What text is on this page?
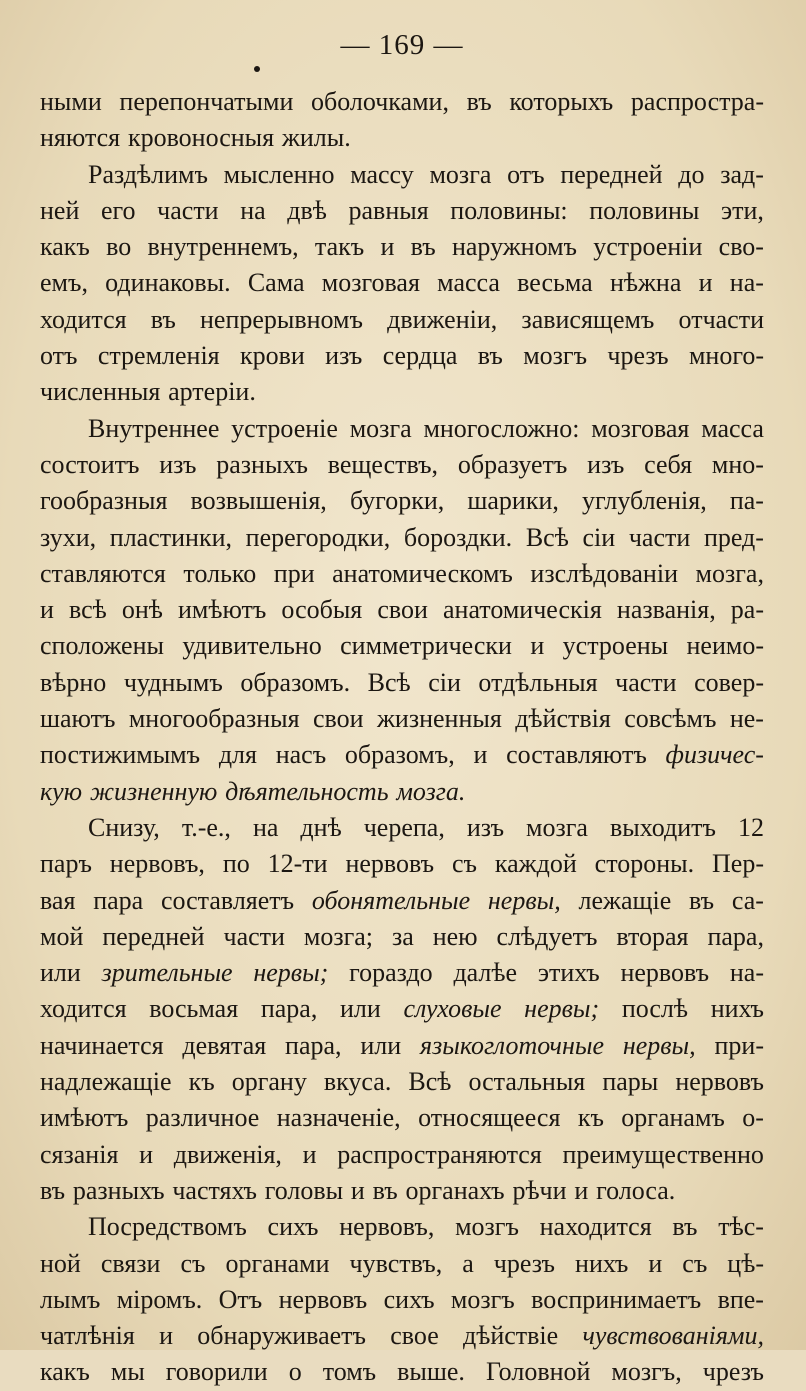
— 169 —
ными перепончатыми оболочками, въ которыхъ распростра-
няются кровоносныя жилы.
Раздѣлимъ мысленно массу мозга отъ передней до зад-
ней его части на двѣ равныя половины: половины эти,
какъ во внутреннемъ, такъ и въ наружномъ устроеніи сво-
емъ, одинаковы. Сама мозговая масса весьма нѣжна и на-
ходится въ непрерывномъ движеніи, зависящемъ отчасти
отъ стремленія крови изъ сердца въ мозгъ чрезъ много-
численныя артеріи.
Внутреннее устроеніе мозга многосложно: мозговая масса
состоитъ изъ разныхъ веществъ, образуетъ изъ себя мно-
гообразныя возвышенія, бугорки, шарики, углубленія, па-
зухи, пластинки, перегородки, бороздки. Всѣ сіи части пред-
ставляются только при анатомическомъ изслѣдованіи мозга,
и всѣ онѣ имѣютъ особыя свои анатомическія названія, ра-
сположены удивительно симметрически и устроены неимо-
вѣрно чуднымъ образомъ. Всѣ сіи отдѣльныя части совер-
шаютъ многообразныя свои жизненныя дѣйствія совсѣмъ не-
постижимымъ для насъ образомъ, и составляютъ физичес-
кую жизненную дѣятельность мозга.
Снизу, т.-е., на днѣ черепа, изъ мозга выходитъ 12
паръ нервовъ, по 12-ти нервовъ съ каждой стороны. Пер-
вая пара составляетъ обонятельные нервы, лежащіе въ са-
мой передней части мозга; за нею слѣдуетъ вторая пара,
или зрительные нервы; гораздо далѣе этихъ нервовъ на-
ходится восьмая пара, или слуховые нервы; послѣ нихъ
начинается девятая пара, или языкоглоточные нервы, при-
надлежащіе къ органу вкуса. Всѣ остальныя пары нервовъ
имѣютъ различное назначеніе, относящееся къ органамъ о-
сязанія и движенія, и распространяются преимущественно
въ разныхъ частяхъ головы и въ органахъ рѣчи и голоса.
Посредствомъ сихъ нервовъ, мозгъ находится въ тѣс-
ной связи съ органами чувствъ, а чрезъ нихъ и съ цѣ-
лымъ міромъ. Отъ нервовъ сихъ мозгъ воспринимаетъ впе-
чатлѣнія и обнаруживаетъ свое дѣйствіе чувствованіями,
какъ мы говорили о томъ выше. Головной мозгъ, чрезъ
